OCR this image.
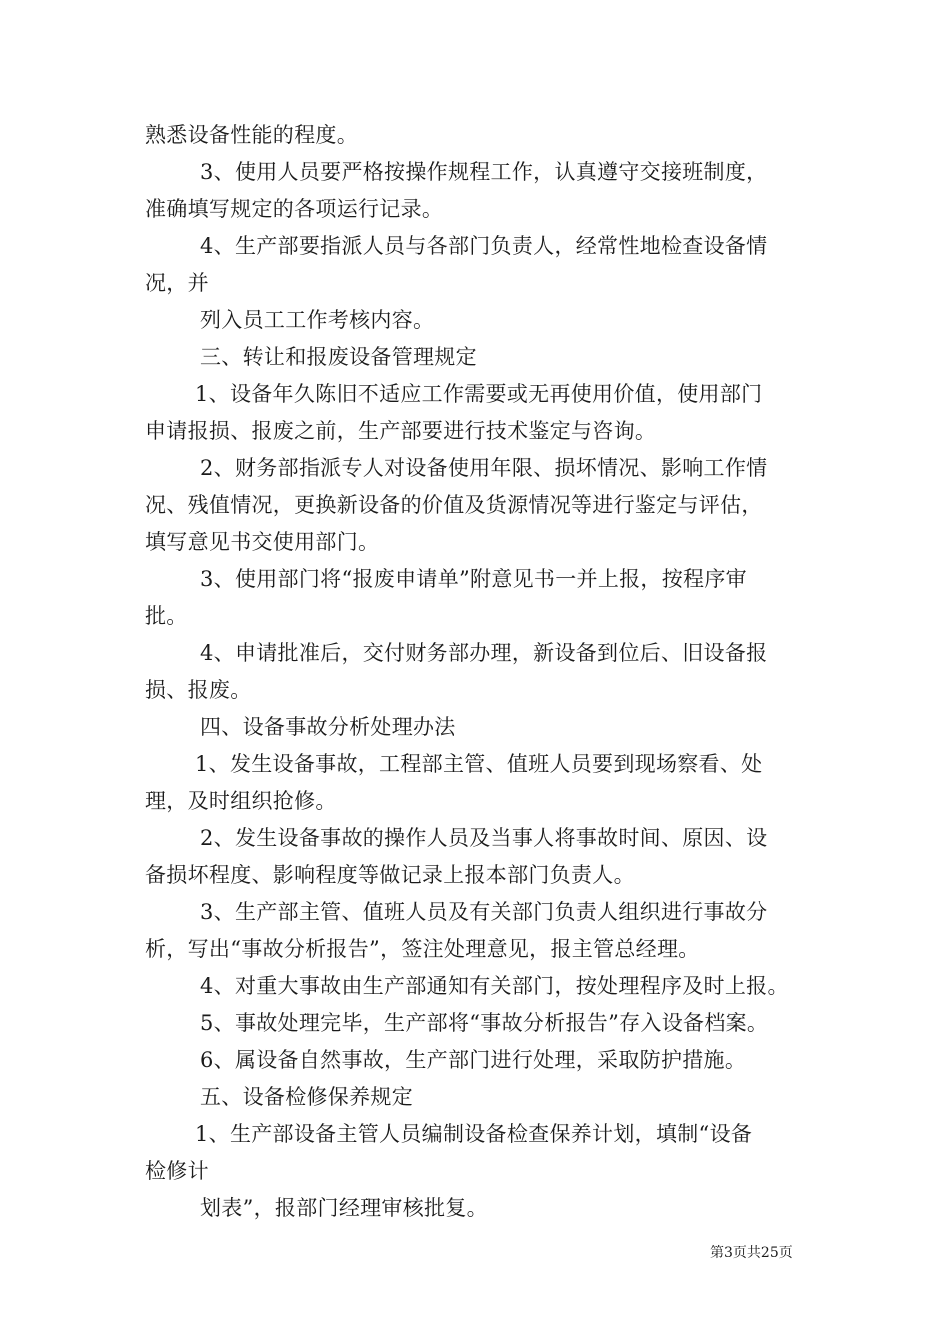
熟悉设备性能的程度。
3、使用人员要严格按操作规程工作，认真遵守交接班制度，
准确填写规定的各项运行记录。
4、生产部要指派人员与各部门负责人，经常性地检查设备情
况，并
列入员工工作考核内容。
三、转让和报废设备管理规定
1、设备年久陈旧不适应工作需要或无再使用价值，使用部门
申请报损、报废之前，生产部要进行技术鉴定与咨询。
2、财务部指派专人对设备使用年限、损坏情况、影响工作情
况、残值情况，更换新设备的价值及货源情况等进行鉴定与评估，
填写意见书交使用部门。
3、使用部门将“报废申请单”附意见书一并上报，按程序审
批。
4、申请批准后，交付财务部办理，新设备到位后、旧设备报
损、报废。
四、设备事故分析处理办法
1、发生设备事故，工程部主管、值班人员要到现场察看、处
理，及时组织抢修。
2、发生设备事故的操作人员及当事人将事故时间、原因、设
备损坏程度、影响程度等做记录上报本部门负责人。
3、生产部主管、值班人员及有关部门负责人组织进行事故分
析，写出“事故分析报告”，签注处理意见，报主管总经理。
4、对重大事故由生产部通知有关部门，按处理程序及时上报。
5、事故处理完毕，生产部将“事故分析报告”存入设备档案。
6、属设备自然事故，生产部门进行处理，采取防护措施。
五、设备检修保养规定
1、生产部设备主管人员编制设备检查保养计划，填制“设备
检修计
划表”，报部门经理审核批复。
第3页共25页
